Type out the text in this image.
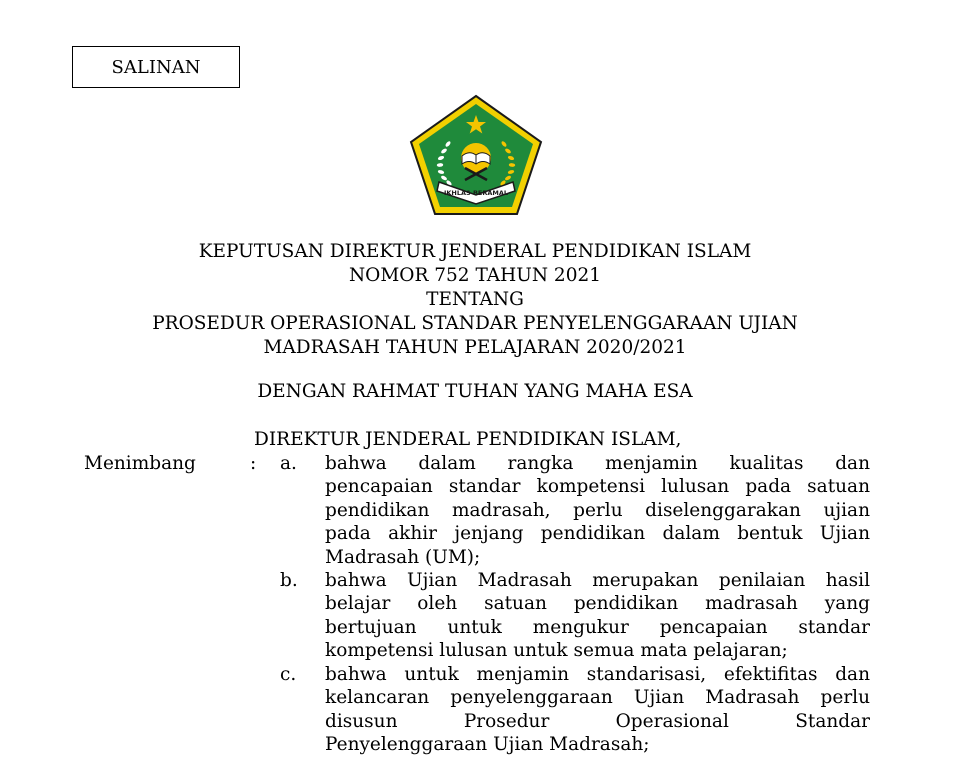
SALINAN
IKHLAS BERAMAL
KEPUTUSAN DIREKTUR JENDERAL PENDIDIKAN ISLAM
NOMOR 752 TAHUN 2021
TENTANG
PROSEDUR OPERASIONAL STANDAR PENYELENGGARAAN UJIAN
MADRASAH TAHUN PELAJARAN 2020/2021
DENGAN RAHMAT TUHAN YANG MAHA ESA
DIREKTUR JENDERAL PENDIDIKAN ISLAM,
Menimbang	: a.	bahwa dalam rangka menjamin kualitas dan
pencapaian standar kompetensi lulusan pada satuan
pendidikan madrasah, perlu diselenggarakan ujian
pada akhir jenjang pendidikan dalam bentuk Ujian
Madrasah (UM);
b.	bahwa Ujian Madrasah merupakan penilaian hasil
belajar oleh satuan pendidikan madrasah yang
bertujuan untuk mengukur pencapaian standar
kompetensi lulusan untuk semua mata pelajaran;
c.	bahwa untuk menjamin standarisasi, efektifitas dan
kelancaran penyelenggaraan Ujian Madrasah perlu
disusun Prosedur Operasional Standar
Penyelenggaraan Ujian Madrasah;
